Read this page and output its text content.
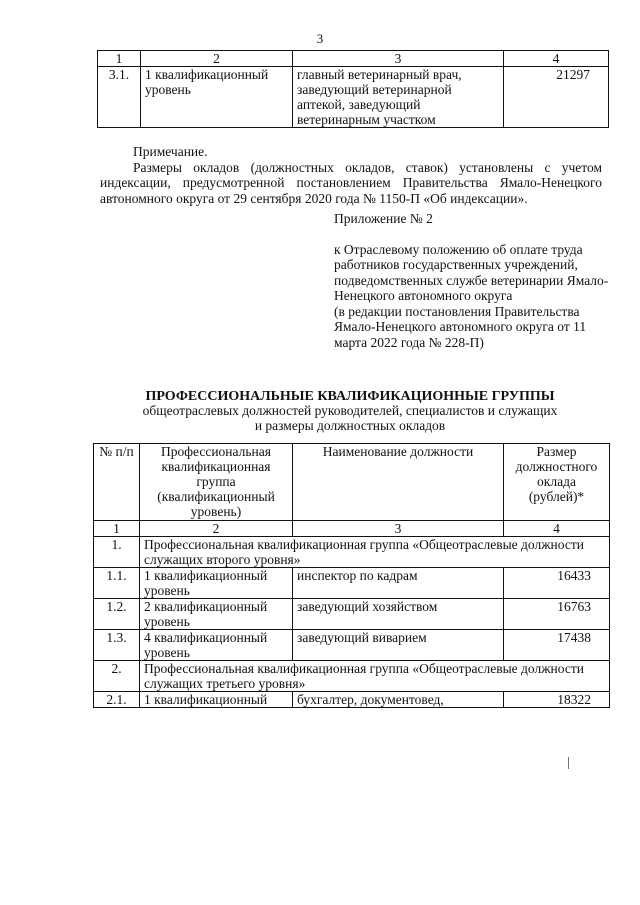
3
1	2	3	4
3.1.	1 квалификационный уровень	главный ветеринарный врач, заведующий ветеринарной аптекой, заведующий ветеринарным участком	21297

Примечание.

Размеры окладов (должностных окладов, ставок) установлены с учетом индексации, предусмотренной постановлением Правительства Ямало-Ненецкого автономного округа от 29 сентября 2020 года № 1150-П «Об индексации».

Приложение № 2

к Отраслевому положению об оплате труда работников государственных учреждений, подведомственных службе ветеринарии Ямало-Ненецкого автономного округа

(в редакции постановления Правительства Ямало-Ненецкого автономного округа от 11 марта 2022 года № 228-П)

ПРОФЕССИОНАЛЬНЫЕ КВАЛИФИКАЦИОННЫЕ ГРУППЫ
общеотраслевых должностей руководителей, специалистов и служащих
и размеры должностных окладов
№ п/п	Профессиональная квалификационная группа (квалификационный уровень)	Наименование должности	Размер должностного оклада (рублей)*
1	2	3	4
1.	Профессиональная квалификационная группа «Общеотраслевые должности служащих второго уровня»		
1.1.	1 квалификационный уровень	инспектор по кадрам	16433
1.2.	2 квалификационный уровень	заведующий хозяйством	16763
1.3.	4 квалификационный уровень	заведующий виварием	17438
2.	Профессиональная квалификационная группа «Общеотраслевые должности служащих третьего уровня»		
2.1.	1 квалификационный	бухгалтер, документовед,	18322
